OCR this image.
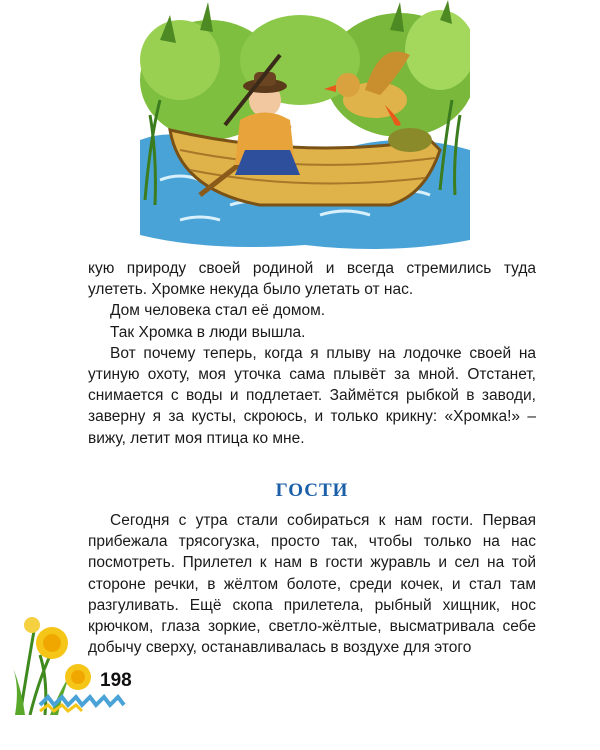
кую природу своей родиной и всегда стремились туда улететь. Хромке некуда было улетать от нас.

Дом человека стал её домом.

Так Хромка в люди вышла.

Вот почему теперь, когда я плыву на лодочке своей на утиную охоту, моя уточка сама плывёт за мной. Отстанет, снимается с воды и подлетает. Займётся рыбкой в заводи, заверну я за кусты, скроюсь, и только крикну: «Хромка!» – вижу, летит моя птица ко мне.

ГОСТИ

Сегодня с утра стали собираться к нам гости. Первая прибежала трясогузка, просто так, чтобы только на нас посмотреть. Прилетел к нам в гости журавль и сел на той стороне речки, в жёлтом болоте, среди кочек, и стал там разгуливать. Ещё скопа прилетела, рыбный хищник, нос крючком, глаза зоркие, светло-жёлтые, высматривала себе добычу сверху, останавливалась в воздухе для этого

198
